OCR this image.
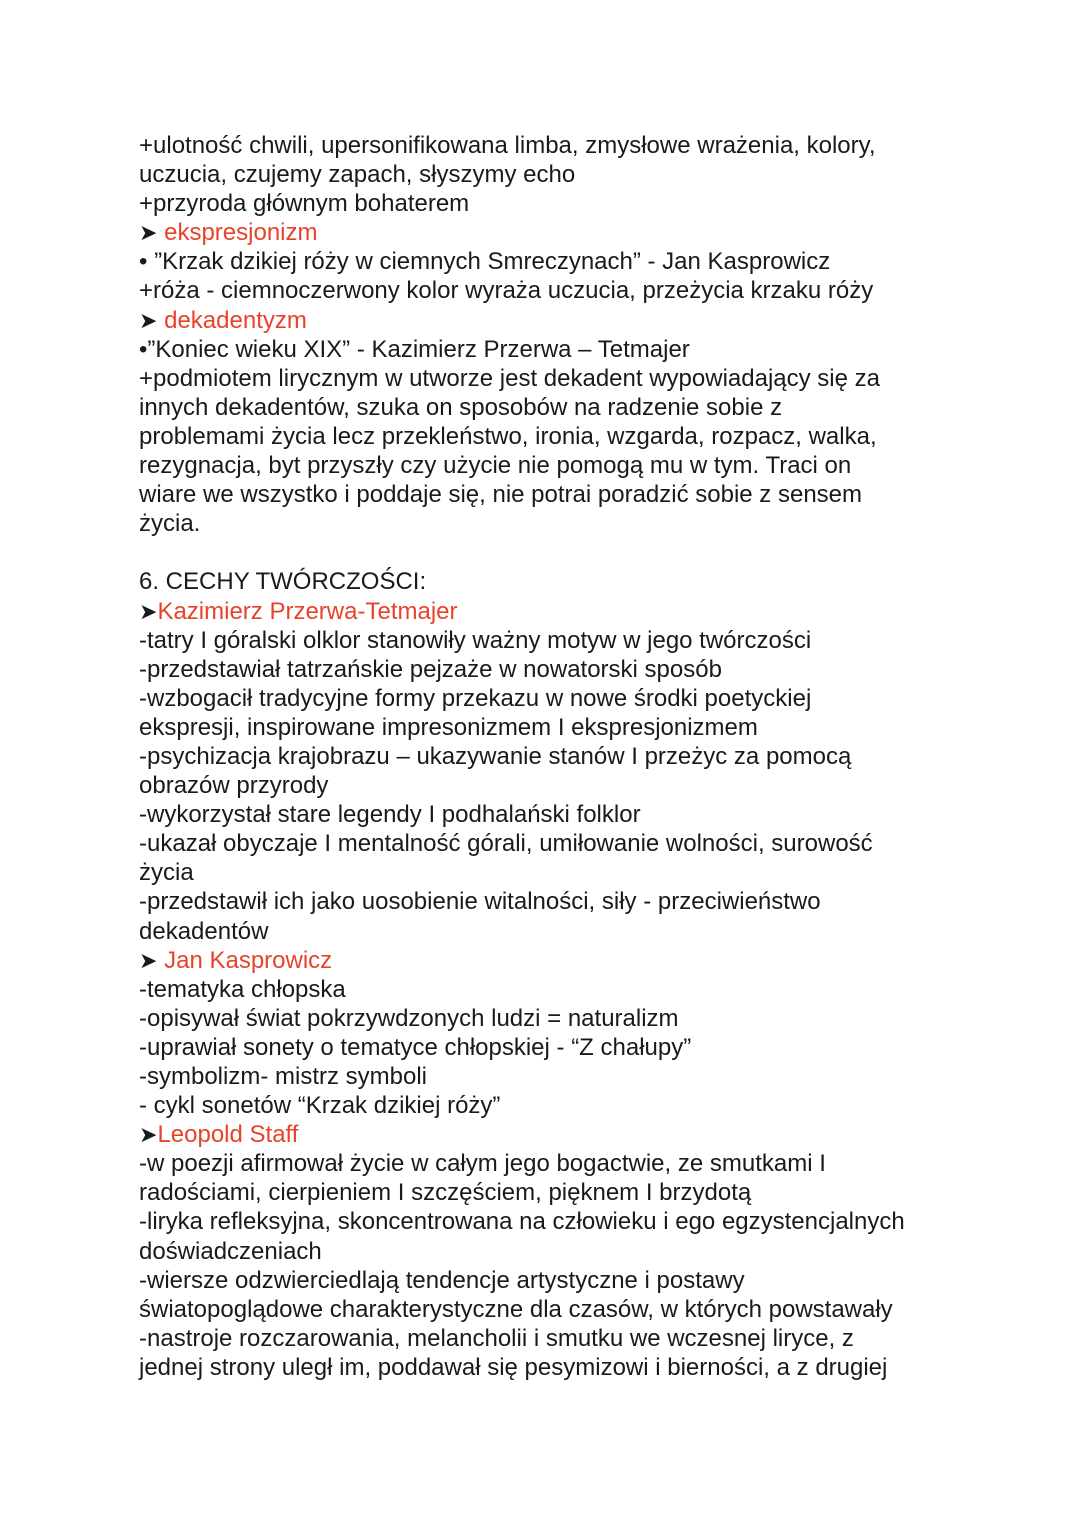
+ulotność chwili, upersonifikowana limba, zmysłowe wrażenia, kolory,
uczucia, czujemy zapach, słyszymy echo
+przyroda głównym bohaterem
➤ ekspresjonizm
• ”Krzak dzikiej róży w ciemnych Smreczynach” - Jan Kasprowicz
+róża - ciemnoczerwony kolor wyraża uczucia, przeżycia krzaku róży
➤ dekadentyzm
•”Koniec wieku XIX” - Kazimierz Przerwa – Tetmajer
+podmiotem lirycznym w utworze jest dekadent wypowiadający się za
innych dekadentów, szuka on sposobów na radzenie sobie z
problemami życia lecz przekleństwo, ironia, wzgarda, rozpacz, walka,
rezygnacja, byt przyszły czy użycie nie pomogą mu w tym. Traci on
wiare we wszystko i poddaje się, nie potrai poradzić sobie z sensem
życia.
6. CECHY TWÓRCZOŚCI:
➤Kazimierz Przerwa-Tetmajer
-tatry I góralski olklor stanowiły ważny motyw w jego twórczości
-przedstawiał tatrzańskie pejzaże w nowatorski sposób
-wzbogacił tradycyjne formy przekazu w nowe środki poetyckiej
ekspresji, inspirowane impresonizmem I ekspresjonizmem
-psychizacja krajobrazu – ukazywanie stanów I przeżyc za pomocą
obrazów przyrody
-wykorzystał stare legendy I podhalański folklor
-ukazał obyczaje I mentalność górali, umiłowanie wolności, surowość
życia
-przedstawił ich jako uosobienie witalności, siły - przeciwieństwo
dekadentów
➤ Jan Kasprowicz
-tematyka chłopska
-opisywał świat pokrzywdzonych ludzi = naturalizm
-uprawiał sonety o tematyce chłopskiej - “Z chałupy”
-symbolizm- mistrz symboli
- cykl sonetów “Krzak dzikiej róży”
➤Leopold Staff
-w poezji afirmował życie w całym jego bogactwie, ze smutkami I
radościami, cierpieniem I szczęściem, pięknem I brzydotą
-liryka refleksyjna, skoncentrowana na człowieku i ego egzystencjalnych
doświadczeniach
-wiersze odzwierciedlają tendencje artystyczne i postawy
światopoglądowe charakterystyczne dla czasów, w których powstawały
-nastroje rozczarowania, melancholii i smutku we wczesnej liryce, z
jednej strony uległ im, poddawał się pesymizowi i bierności, a z drugiej
